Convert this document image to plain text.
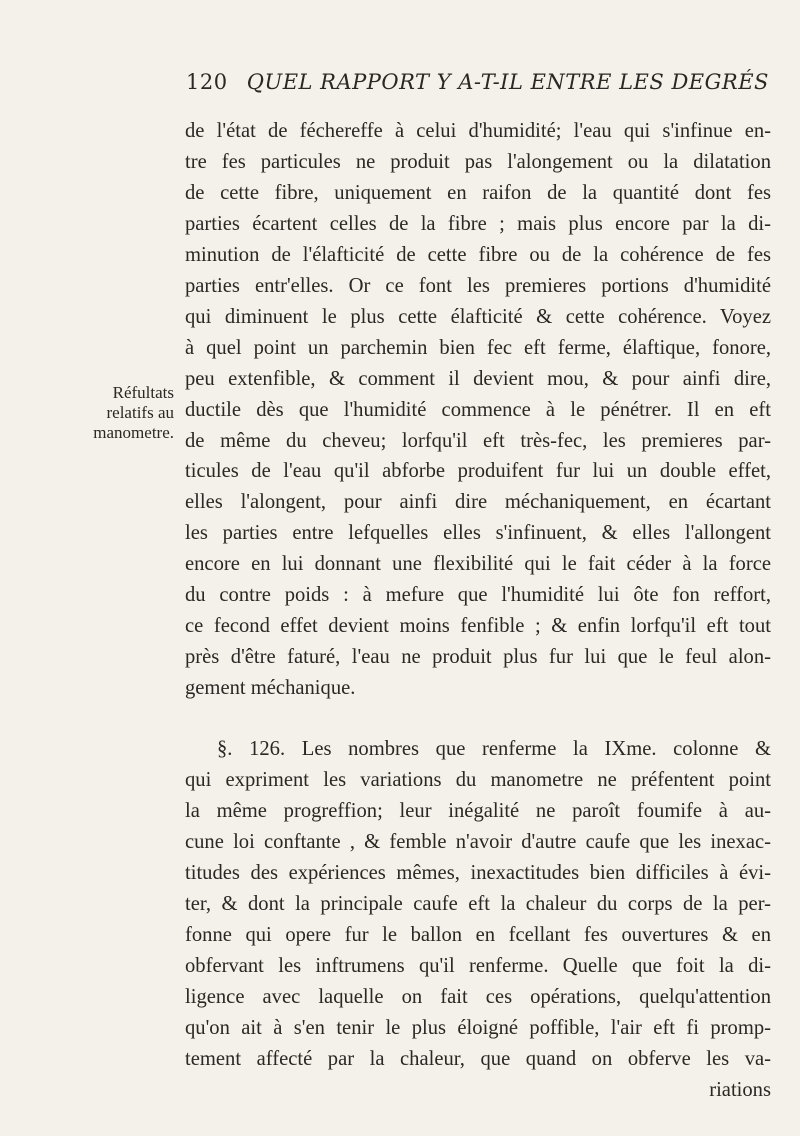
120 QUEL RAPPORT Y A-T-IL ENTRE LES DEGRÉS
Réfultats
relatifs au
manometre.
de l'état de féchereffe à celui d'humidité; l'eau qui s'infinue en-
tre fes particules ne produit pas l'alongement ou la dilatation
de cette fibre, uniquement en raifon de la quantité dont fes
parties écartent celles de la fibre ; mais plus encore par la di-
minution de l'élafticité de cette fibre ou de la cohérence de fes
parties entr'elles. Or ce font les premieres portions d'humidité
qui diminuent le plus cette élafticité & cette cohérence. Voyez
à quel point un parchemin bien fec eft ferme, élaftique, fonore,
peu extenfible, & comment il devient mou, & pour ainfi dire,
ductile dès que l'humidité commence à le pénétrer. Il en eft
de même du cheveu; lorfqu'il eft très-fec, les premieres par-
ticules de l'eau qu'il abforbe produifent fur lui un double effet,
elles l'alongent, pour ainfi dire méchaniquement, en écartant
les parties entre lefquelles elles s'infinuent, & elles l'allongent
encore en lui donnant une flexibilité qui le fait céder à la force
du contre poids : à mefure que l'humidité lui ôte fon reffort,
ce fecond effet devient moins fenfible ; & enfin lorfqu'il eft tout
près d'être faturé, l'eau ne produit plus fur lui que le feul alon-
gement méchanique.
§. 126. Les nombres que renferme la IXme. colonne &
qui expriment les variations du manometre ne préfentent point
la même progreffion; leur inégalité ne paroît foumife à au-
cune loi conftante , & femble n'avoir d'autre caufe que les inexac-
titudes des expériences mêmes, inexactitudes bien difficiles à évi-
ter, & dont la principale caufe eft la chaleur du corps de la per-
fonne qui opere fur le ballon en fcellant fes ouvertures & en
obfervant les inftrumens qu'il renferme. Quelle que foit la di-
ligence avec laquelle on fait ces opérations, quelqu'attention
qu'on ait à s'en tenir le plus éloigné poffible, l'air eft fi promp-
tement affecté par la chaleur, que quand on obferve les va-
riations
